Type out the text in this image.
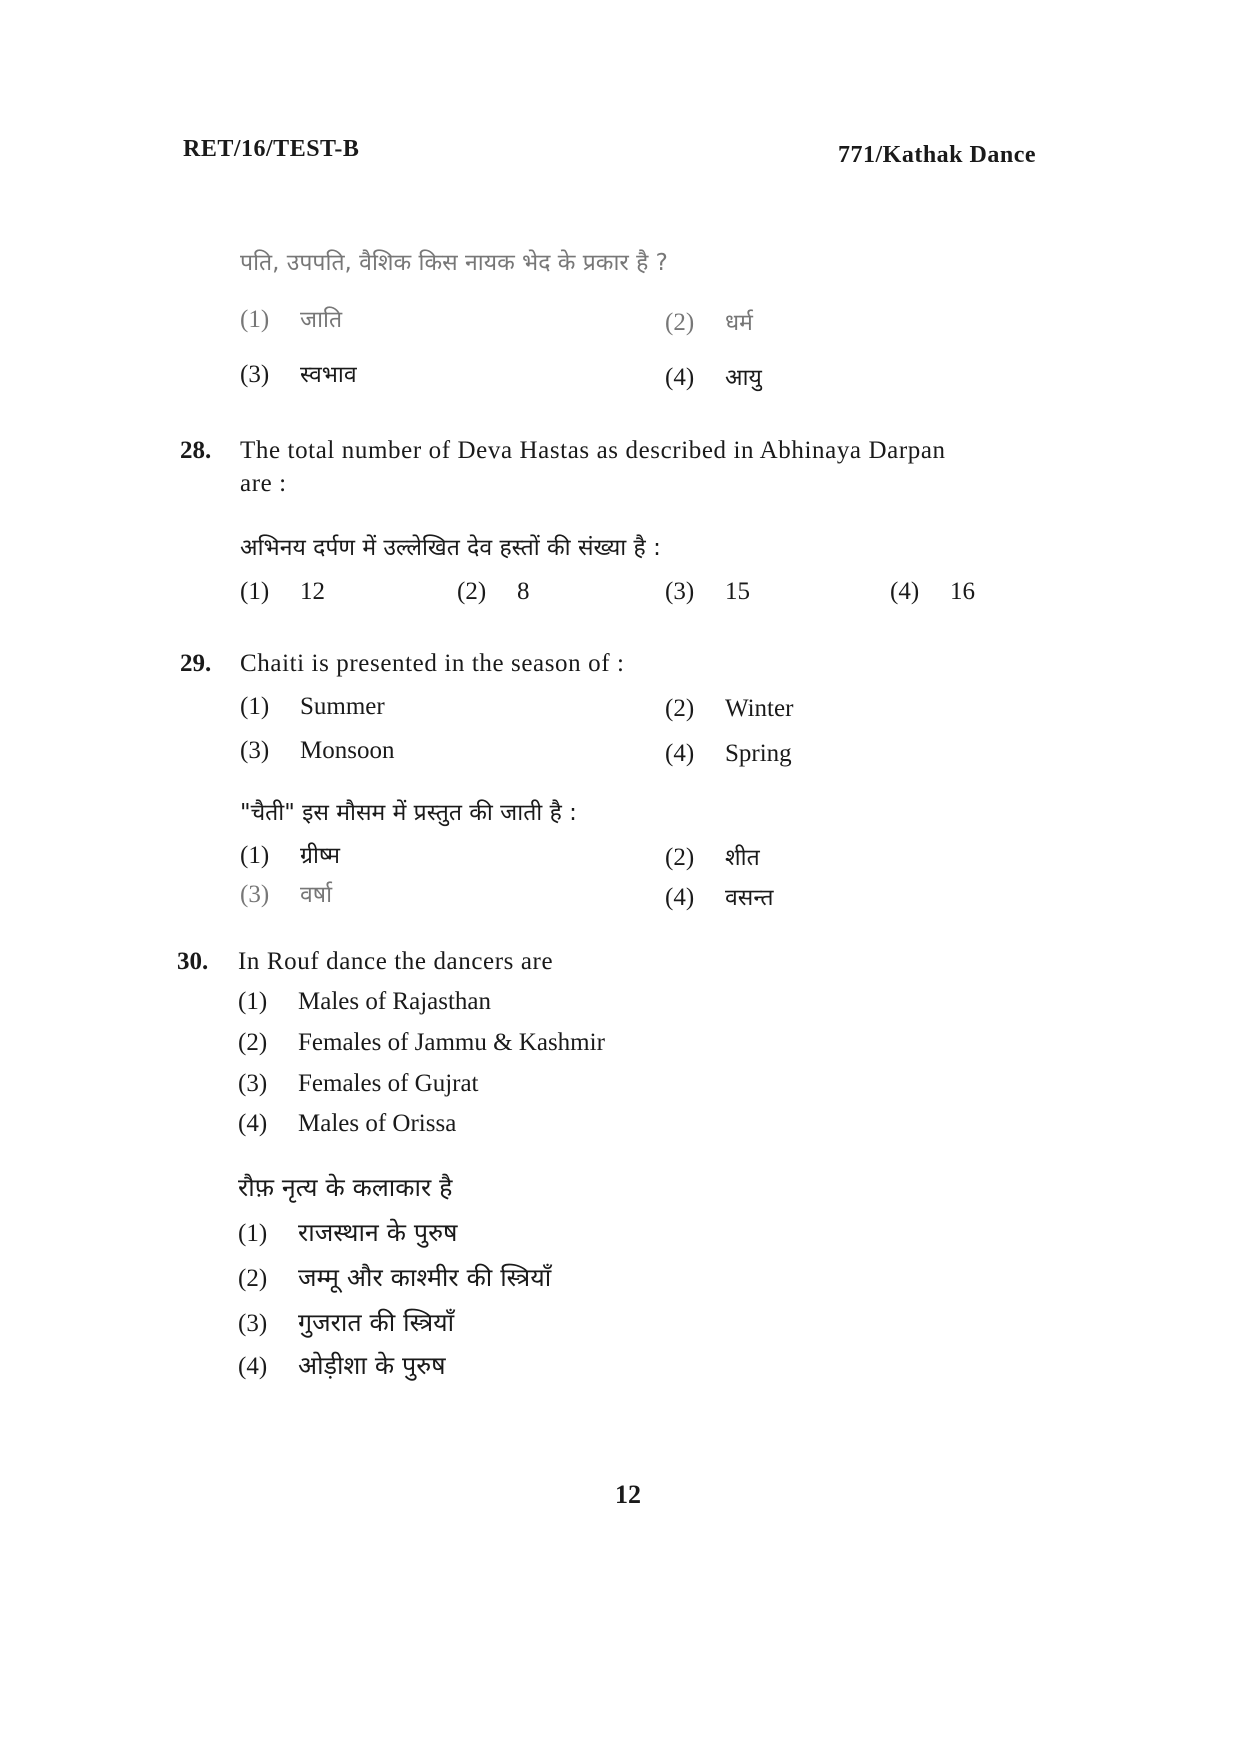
RET/16/TEST-B	771/Kathak Dance
पति, उपपति, वैशिक किस नायक भेद के प्रकार है ?
(1) जाति	(2) धर्म
(3) स्वभाव	(4) आयु
28. The total number of Deva Hastas as described in Abhinaya Darpan
are :
अभिनय दर्पण में उल्लेखित देव हस्तों की संख्या है :
(1) 12	(2) 8	(3) 15	(4) 16
29. Chaiti is presented in the season of :
(1) Summer	(2) Winter
(3) Monsoon	(4) Spring
"चैती" इस मौसम में प्रस्तुत की जाती है :
(1) ग्रीष्म	(2) शीत
(3) वर्षा	(4) वसन्त
30. In Rouf dance the dancers are
(1) Males of Rajasthan
(2) Females of Jammu & Kashmir
(3) Females of Gujrat
(4) Males of Orissa
रौफ़ नृत्य के कलाकार है
(1) राजस्थान के पुरुष
(2) जम्मू और काश्मीर की स्त्रियाँ
(3) गुजरात की स्त्रियाँ
(4) ओड़ीशा के पुरुष
12
